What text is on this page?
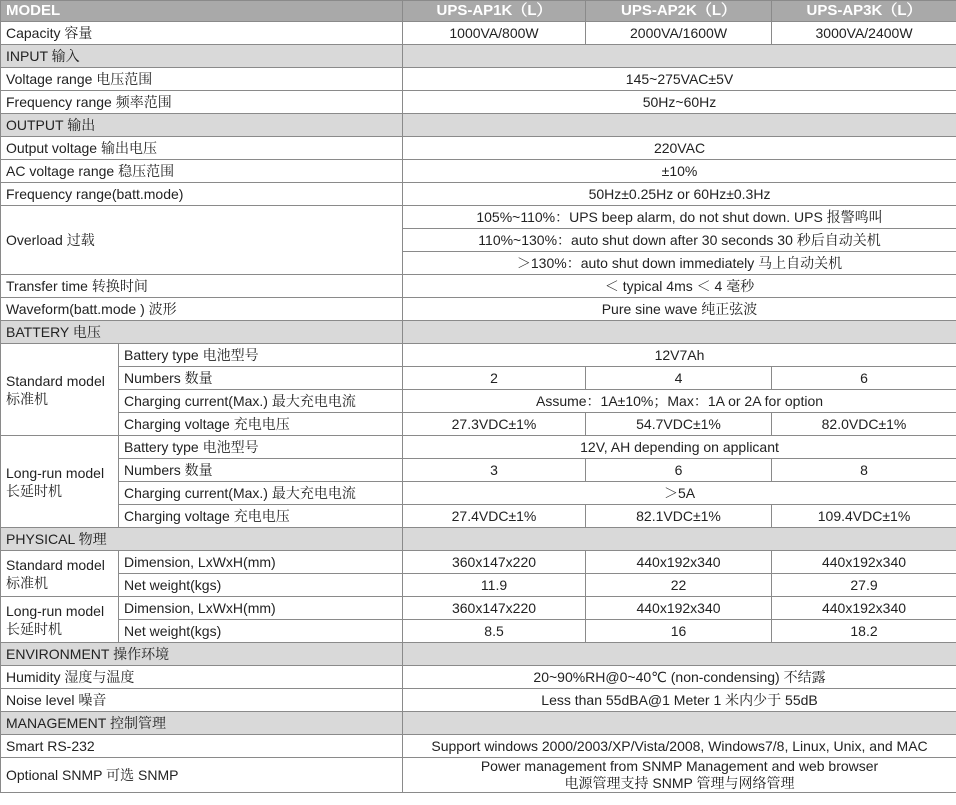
MODEL		UPS-AP1K（L）	UPS-AP2K（L）	UPS-AP3K（L）
Capacity 容量		1000VA/800W	2000VA/1600W	3000VA/2400W
INPUT 输入				
Voltage range 电压范围		145~275VAC±5V		
Frequency range 频率范围		50Hz~60Hz		
OUTPUT 输出				
Output voltage 输出电压		220VAC		
AC voltage range 稳压范围		±10%		
Frequency range(batt.mode)		50Hz±0.25Hz or 60Hz±0.3Hz		
Overload 过载		105%~110%：UPS beep alarm, do not shut down. UPS 报警鸣叫		
		110%~130%：auto shut down after 30 seconds 30 秒后自动关机		
		＞130%：auto shut down immediately 马上自动关机		
Transfer time 转换时间		＜ typical 4ms ＜ 4 毫秒		
Waveform(batt.mode ) 波形		Pure sine wave 纯正弦波		
BATTERY 电压				
Standard model 标准机	Battery type 电池型号	12V7Ah		
	Numbers 数量	2	4	6
	Charging current(Max.) 最大充电电流	Assume：1A±10%；Max：1A or 2A for option		
	Charging voltage 充电电压	27.3VDC±1%	54.7VDC±1%	82.0VDC±1%
Long-run model 长延时机	Battery type 电池型号	12V, AH depending on applicant		
	Numbers 数量	3	6	8
	Charging current(Max.) 最大充电电流	＞5A		
	Charging voltage 充电电压	27.4VDC±1%	82.1VDC±1%	109.4VDC±1%
PHYSICAL 物理				
Standard model 标准机	Dimension, LxWxH(mm)	360x147x220	440x192x340	440x192x340
	Net weight(kgs)	11.9	22	27.9
Long-run model 长延时机	Dimension, LxWxH(mm)	360x147x220	440x192x340	440x192x340
	Net weight(kgs)	8.5	16	18.2
ENVIRONMENT 操作环境				
Humidity 湿度与温度		20~90%RH@0~40℃ (non-condensing) 不结露		
Noise level 噪音		Less than 55dBA@1 Meter 1 米内少于 55dB		
MANAGEMENT 控制管理				
Smart RS-232		Support windows 2000/2003/XP/Vista/2008, Windows7/8, Linux, Unix, and MAC		
Optional SNMP 可选 SNMP		Power management from SNMP Management and web browser
电源管理支持 SNMP 管理与网络管理		
